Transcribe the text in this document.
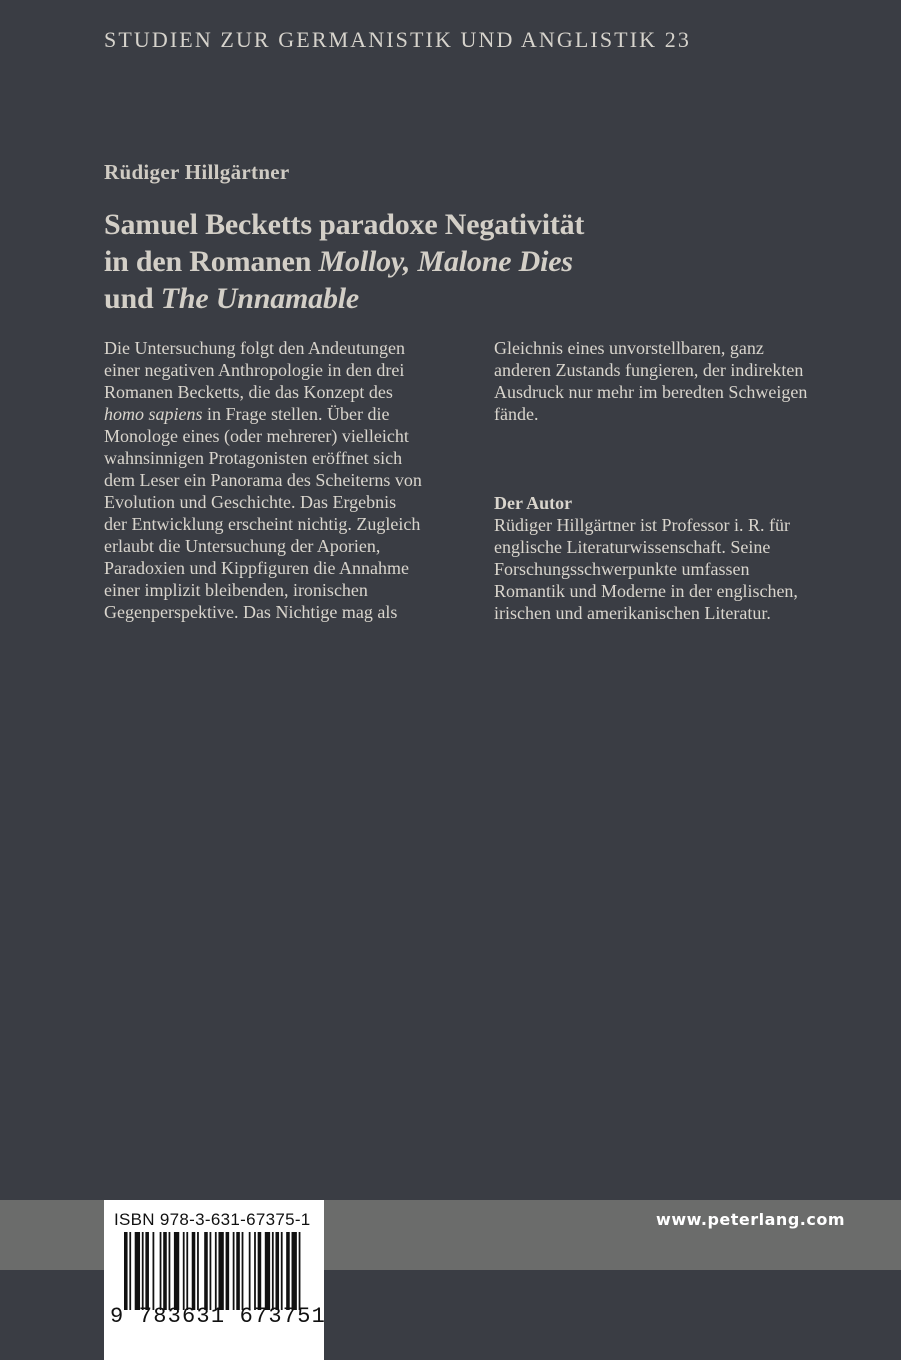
STUDIEN ZUR GERMANISTIK UND ANGLISTIK 23
Rüdiger Hillgärtner
Samuel Becketts paradoxe Negativität
in den Romanen Molloy, Malone Dies
und The Unnamable
Die Untersuchung folgt den Andeutungen
einer negativen Anthropologie in den drei
Romanen Becketts, die das Konzept des
homo sapiens in Frage stellen. Über die
Monologe eines (oder mehrerer) vielleicht
wahnsinnigen Protagonisten eröffnet sich
dem Leser ein Panorama des Scheiterns von
Evolution und Geschichte. Das Ergebnis
der Entwicklung erscheint nichtig. Zugleich
erlaubt die Untersuchung der Aporien,
Paradoxien und Kippfiguren die Annahme
einer implizit bleibenden, ironischen
Gegenperspektive. Das Nichtige mag als
Gleichnis eines unvorstellbaren, ganz
anderen Zustands fungieren, der indirekten
Ausdruck nur mehr im beredten Schweigen
fände.
Der Autor
Rüdiger Hillgärtner ist Professor i. R. für
englische Literaturwissenschaft. Seine
Forschungsschwerpunkte umfassen
Romantik und Moderne in der englischen,
irischen und amerikanischen Literatur.
www.peterlang.com
ISBN 978-3-631-67375-1
9 783631 673751
